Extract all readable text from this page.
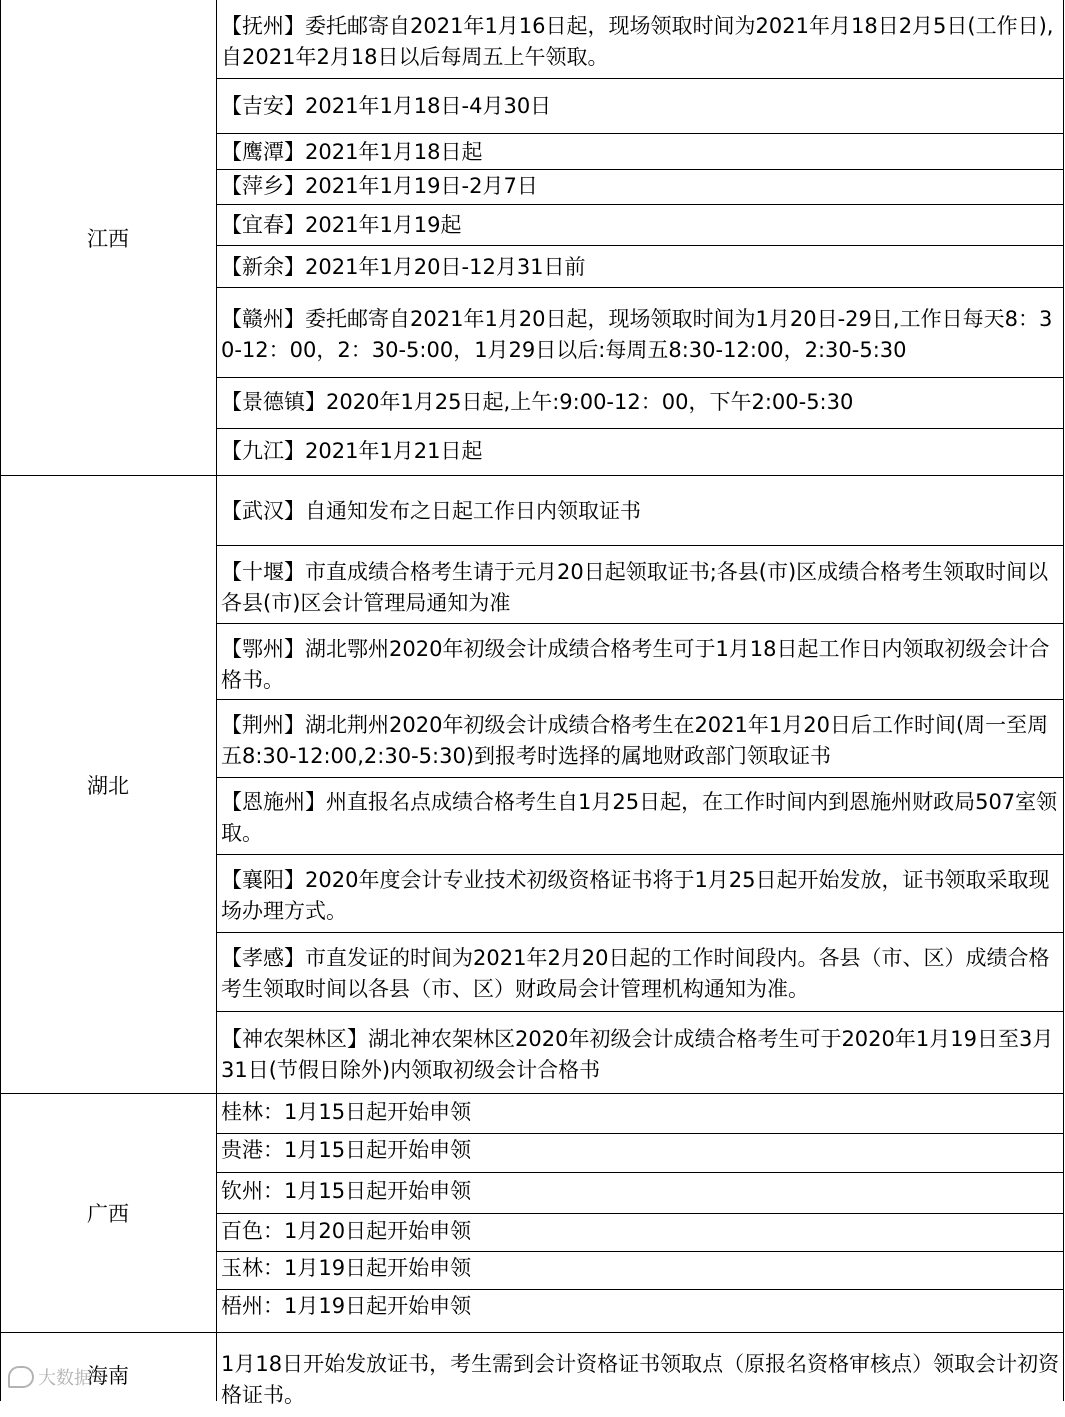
江西
湖北
广西
海南
【抚州】委托邮寄自2021年1月16日起，现场领取时间为2021年月18日2月5日(工作日),自2021年2月18日以后每周五上午领取。
【吉安】2021年1月18日-4月30日
【鹰潭】2021年1月18日起
【萍乡】2021年1月19日-2月7日
【宜春】2021年1月19起
【新余】2021年1月20日-12月31日前
【赣州】委托邮寄自2021年1月20日起，现场领取时间为1月20日-29日,工作日每天8：30-12：00，2：30-5:00，1月29日以后:每周五8:30-12:00，2:30-5:30
【景德镇】2020年1月25日起,上午:9:00-12：00，下午2:00-5:30
【九江】2021年1月21日起
【武汉】自通知发布之日起工作日内领取证书
【十堰】市直成绩合格考生请于元月20日起领取证书;各县(市)区成绩合格考生领取时间以各县(市)区会计管理局通知为准
【鄂州】湖北鄂州2020年初级会计成绩合格考生可于1月18日起工作日内领取初级会计合格书。
【荆州】湖北荆州2020年初级会计成绩合格考生在2021年1月20日后工作时间(周一至周五8:30-12:00,2:30-5:30)到报考时选择的属地财政部门领取证书
【恩施州】州直报名点成绩合格考生自1月25日起，在工作时间内到恩施州财政局507室领取。
【襄阳】2020年度会计专业技术初级资格证书将于1月25日起开始发放，证书领取采取现场办理方式。
【孝感】市直发证的时间为2021年2月20日起的工作时间段内。各县（市、区）成绩合格考生领取时间以各县（市、区）财政局会计管理机构通知为准。
【神农架林区】湖北神农架林区2020年初级会计成绩合格考生可于2020年1月19日至3月31日(节假日除外)内领取初级会计合格书
桂林：1月15日起开始申领
贵港：1月15日起开始申领
钦州：1月15日起开始申领
百色：1月20日起开始申领
玉林：1月19日起开始申领
梧州：1月19日起开始申领
1月18日开始发放证书，考生需到会计资格证书领取点（原报名资格审核点）领取会计初资格证书。
大数据
